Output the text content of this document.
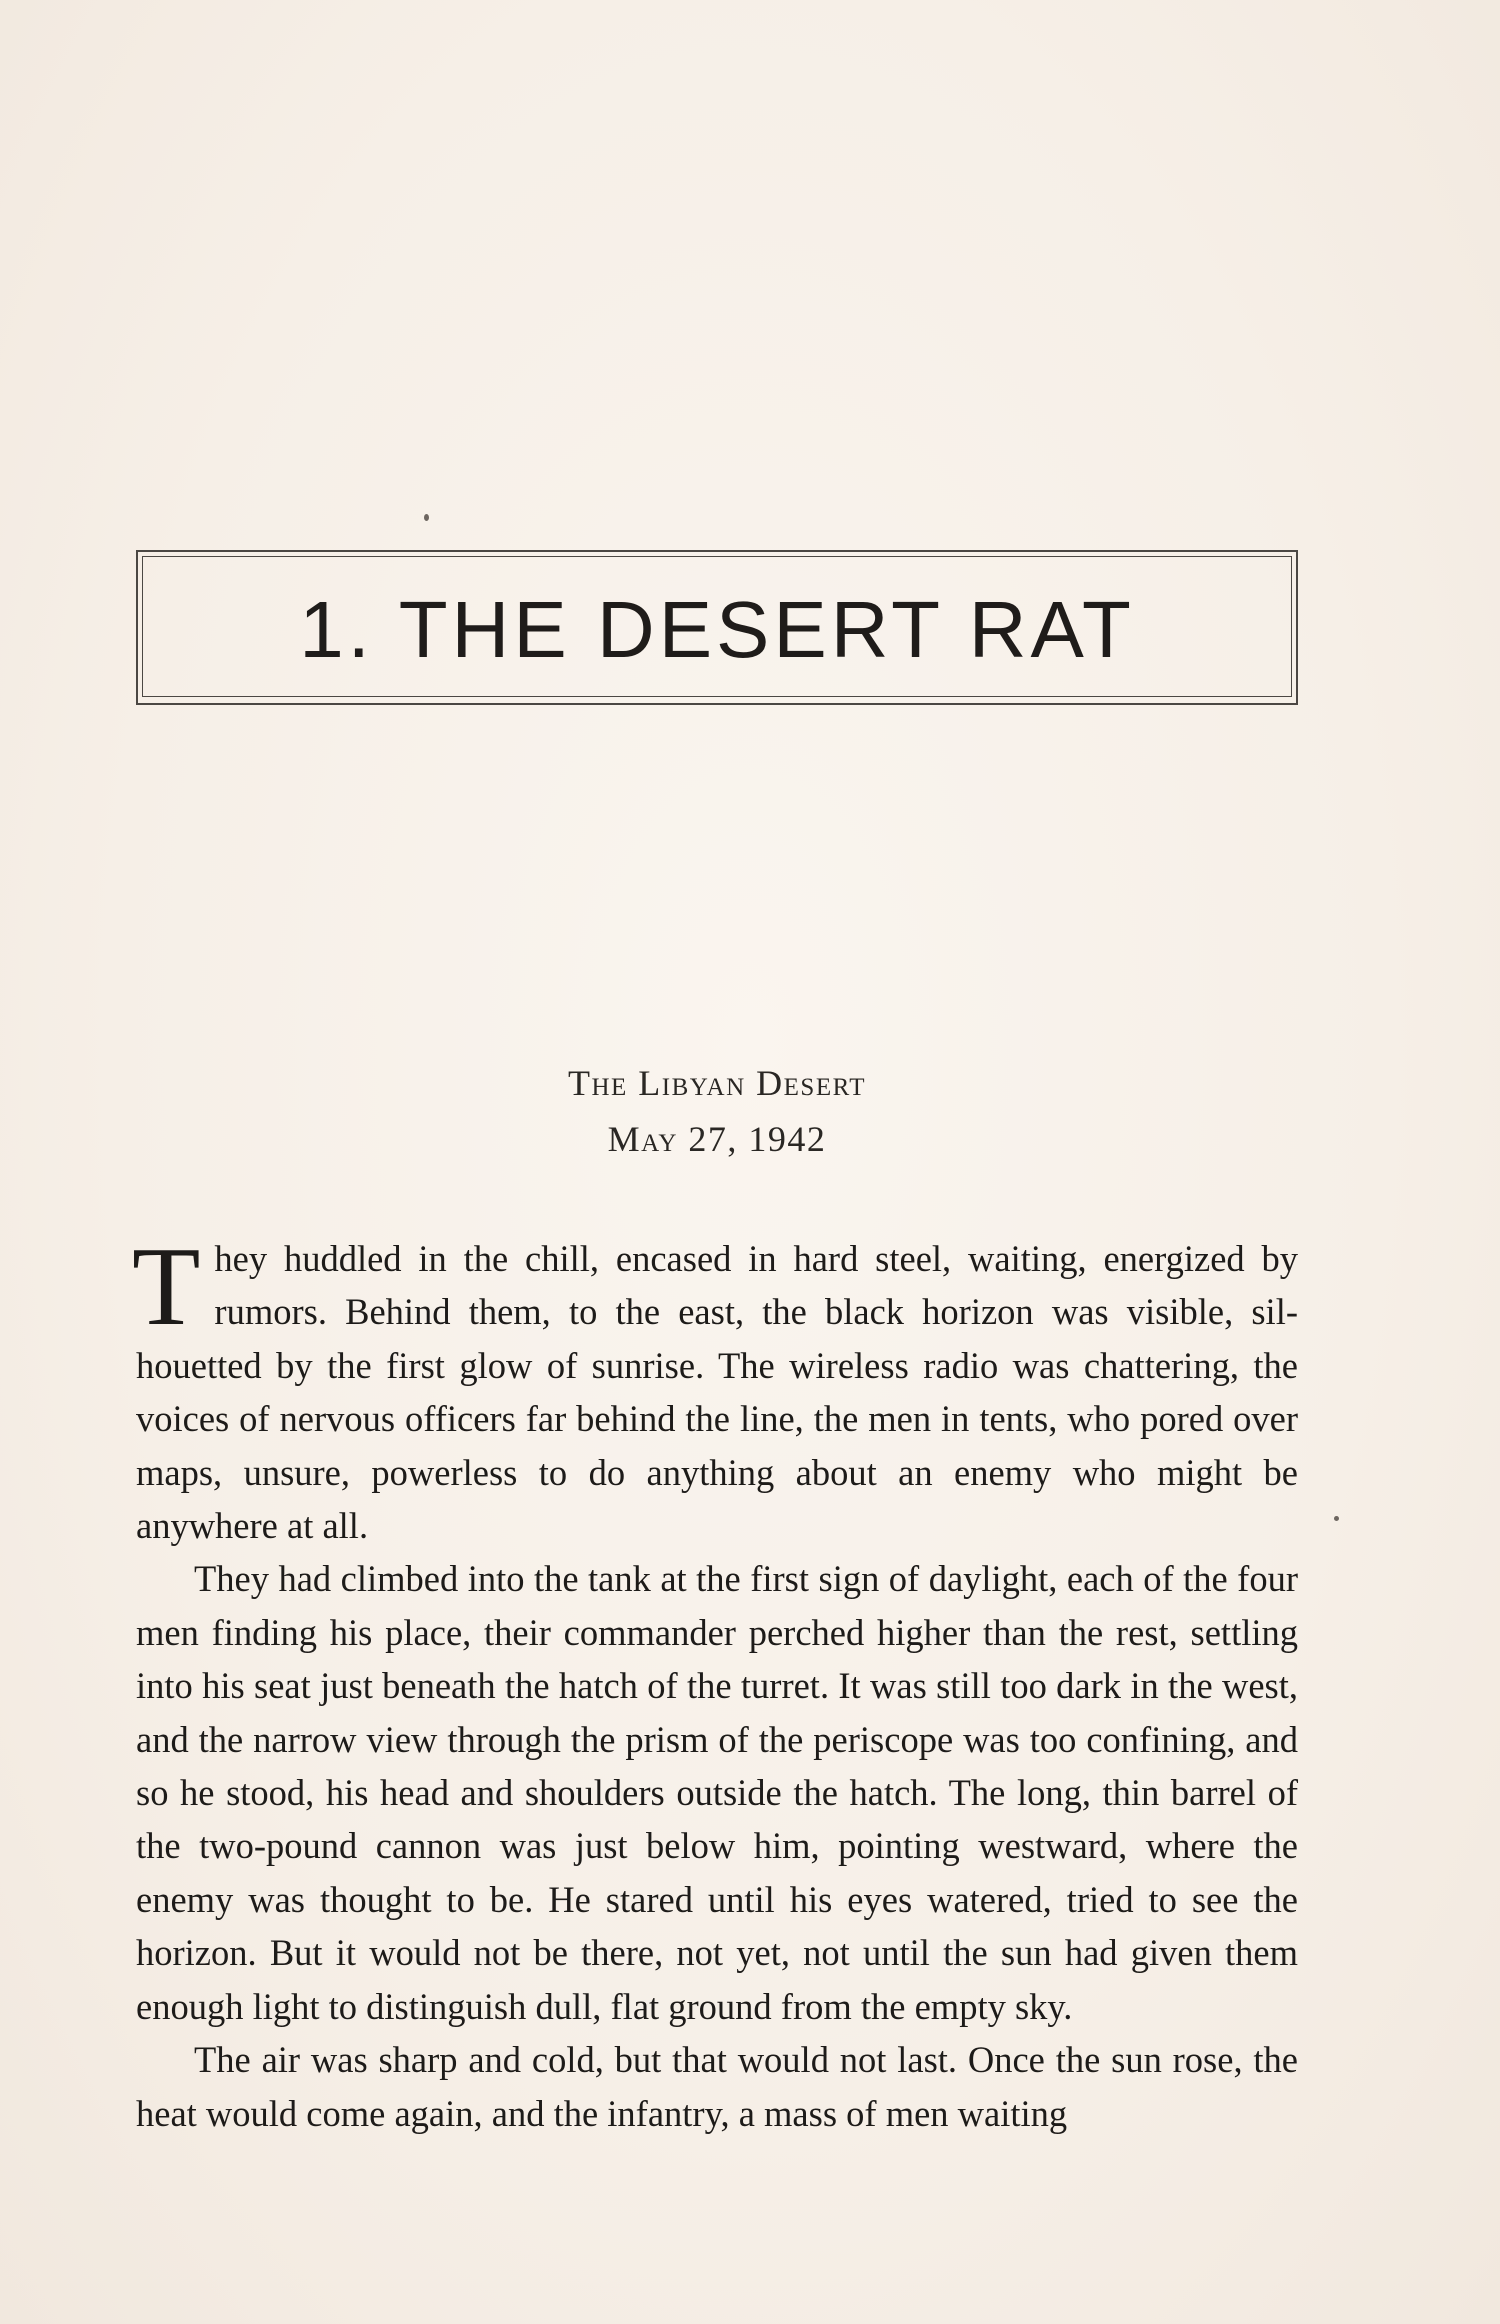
1. THE DESERT RAT
The Libyan Desert
May 27, 1942

They huddled in the chill, encased in hard steel, waiting, energized by rumors. Behind them, to the east, the black horizon was visible, silhouetted by the first glow of sunrise. The wireless radio was chattering, the voices of nervous officers far behind the line, the men in tents, who pored over maps, unsure, powerless to do anything about an enemy who might be anywhere at all.

They had climbed into the tank at the first sign of daylight, each of the four men finding his place, their commander perched higher than the rest, settling into his seat just beneath the hatch of the turret. It was still too dark in the west, and the narrow view through the prism of the periscope was too confining, and so he stood, his head and shoulders outside the hatch. The long, thin barrel of the two-pound cannon was just below him, pointing westward, where the enemy was thought to be. He stared until his eyes watered, tried to see the horizon. But it would not be there, not yet, not until the sun had given them enough light to distinguish dull, flat ground from the empty sky.

The air was sharp and cold, but that would not last. Once the sun rose, the heat would come again, and the infantry, a mass of men waiting
